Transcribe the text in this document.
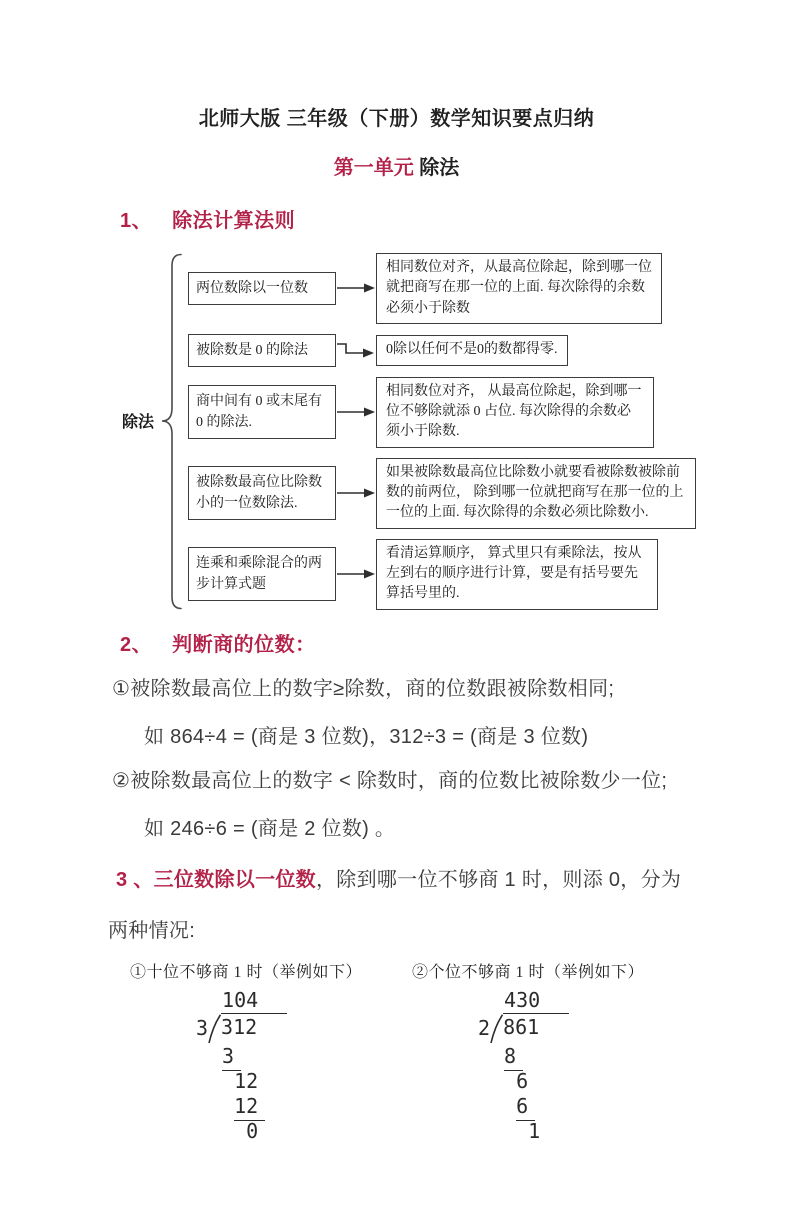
北师大版 三年级（下册）数学知识要点归纳
第一单元 除法
1、 除法计算法则
除法
两位数除以一位数
相同数位对齐，从最高位除起，除到哪一位就把商写在那一位的上面. 每次除得的余数必须小于除数
被除数是 0 的除法	0除以任何不是0的数都得零.
商中间有 0 或末尾有 0 的除法.
相同数位对齐， 从最高位除起，除到哪一位不够除就添 0 占位. 每次除得的余数必须小于除数.
被除数最高位比除数小的一位数除法.
如果被除数最高位比除数小就要看被除数被除前数的前两位， 除到哪一位就把商写在那一位的上一位的上面. 每次除得的余数必须比除数小.
连乘和乘除混合的两步计算式题
看清运算顺序， 算式里只有乘除法，按从左到右的顺序进行计算，要是有括号要先算括号里的.
2、 判断商的位数：
①被除数最高位上的数字≥除数，商的位数跟被除数相同;
如 864÷4 = (商是 3 位数)，312÷3 = (商是 3 位数)
②被除数最高位上的数字 < 除数时，商的位数比被除数少一位;
如 246÷6 = (商是 2 位数) 。
3 、三位数除以一位数，除到哪一位不够商 1 时，则添 0，分为
两种情况:
①十位不够商 1 时（举例如下）
104
3 312
3
12
12
0
②个位不够商 1 时（举例如下）
430
2 861
8
6
6
1
